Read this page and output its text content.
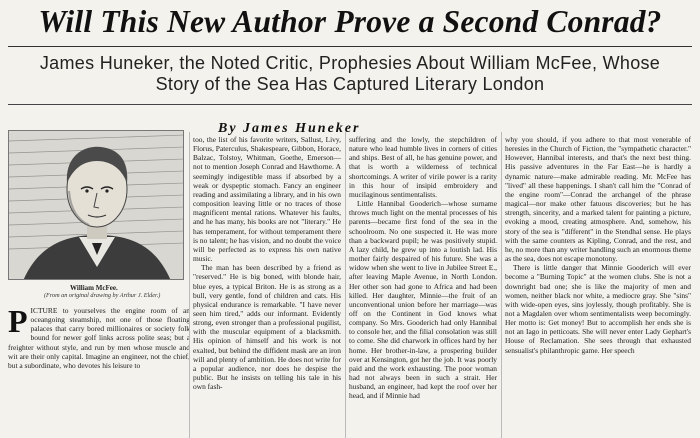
Will This New Author Prove a Second Conrad?
James Huneker, the Noted Critic, Prophesies About William McFee, Whose Story of the Sea Has Captured Literary London
By James Huneker
William McFee.
(From an original drawing by Arthur J. Elder.)

P ICTURE to yourselves the engine room of an oceangoing steamship, not one of those floating palaces that carry bored millionaires or society folk bound for newer golf links across polite seas; but a freighter without style, and run by men whose muscle and wit are their only capital. Imagine an engineer, not the chief, but a subordinate, who devotes his leisure to

too, the list of his favorite writers, Sallust, Livy, Florus, Paterculus, Shakespeare, Gibbon, Horace, Balzac, Tolstoy, Whitman, Goethe, Emerson—not to mention Joseph Conrad and Hawthorne. A seemingly indigestible mass if absorbed by a weak or dyspeptic stomach. Fancy an engineer reading and assimilating a library, and in his own composition leaving little or no traces of those magnificent mental rations. Whatever his faults, and he has many, his books are not "literary." He has temperament, for without temperament there is no talent; he has vision, and no doubt the voice will be perfected as to express his own native music.

The man has been described by a friend as "reserved." He is big boned, with blonde hair, blue eyes, a typical Briton. He is as strong as a bull, very gentle, fond of children and cats. His physical endurance is remarkable. "I have never seen him tired," adds our informant. Evidently strong, even stronger than a professional pugilist, with the muscular equipment of a blacksmith. His opinion of himself and his work is not exalted, but behind the diffident mask are an iron will and plenty of ambition. He does not write for a popular audience, nor does he despise the public. But he insists on telling his tale in his own fash-

suffering and the lowly, the stepchildren of nature who lead humble lives in corners of cities and ships. Best of all, he has genuine power, and that is worth a wilderness of technical shortcomings. A writer of virile power is a rarity in this hour of insipid embroidery and mucilaginous sentimentalists.

Little Hannibal Gooderich—whose surname throws much light on the mental processes of his parents—became first fond of the sea in the schoolroom. No one suspected it. He was more than a backward pupil; he was positively stupid. A lazy child, he grew up into a loutish lad. His mother fairly despaired of his future. She was a widow when she went to live in Jubilee Street E., after leaving Maple Avenue, in North London. Her other son had gone to Africa and had been killed. Her daughter, Minnie—the fruit of an unconventional union before her marriage—was off on the Continent in God knows what company. So Mrs. Gooderich had only Hannibal to console her, and the filial consolation was still to come. She did charwork in offices hard by her home. Her brother-in-law, a prospering builder over at Kensington, got her the job. It was poorly paid and the work exhausting. The poor woman had not always been in such a strait. Her husband, an engineer, had kept the roof over her head, and if Minnie had

why you should, if you adhere to that most venerable of heresies in the Church of Fiction, the "sympathetic character." However, Hannibal interests, and that's the next best thing. His passive adventures in the Far East—he is hardly a dynamic nature—make admirable reading. Mr. McFee has "lived" all these happenings. I shan't call him the "Conrad of the engine room"—Conrad the archangel of the phrase magical—nor make other fatuous discoveries; but he has strength, sincerity, and a marked talent for painting a picture, evoking a mood, creating atmosphere. And, somehow, his story of the sea is "different" in the Stendhal sense. He plays with the same counters as Kipling, Conrad, and the rest, and he, no more than any writer handling such an enormous theme as the sea, does not escape monotony.

There is little danger that Minnie Gooderich will ever become a "Burning Topic" at the women clubs. She is not a downright bad one; she is like the majority of men and women, neither black nor white, a mediocre gray. She "sins" with wide-open eyes, sins joylessly, though profitably. She is not a Magdalen over whom sentimentalists weep becomingly. Her motto is: Get money! But to accomplish her ends she is not an Iago in petticoats. She will never enter Lady Gephart's House of Reclamation. She sees through that exhausted sensualist's philanthropic game. Her speech
